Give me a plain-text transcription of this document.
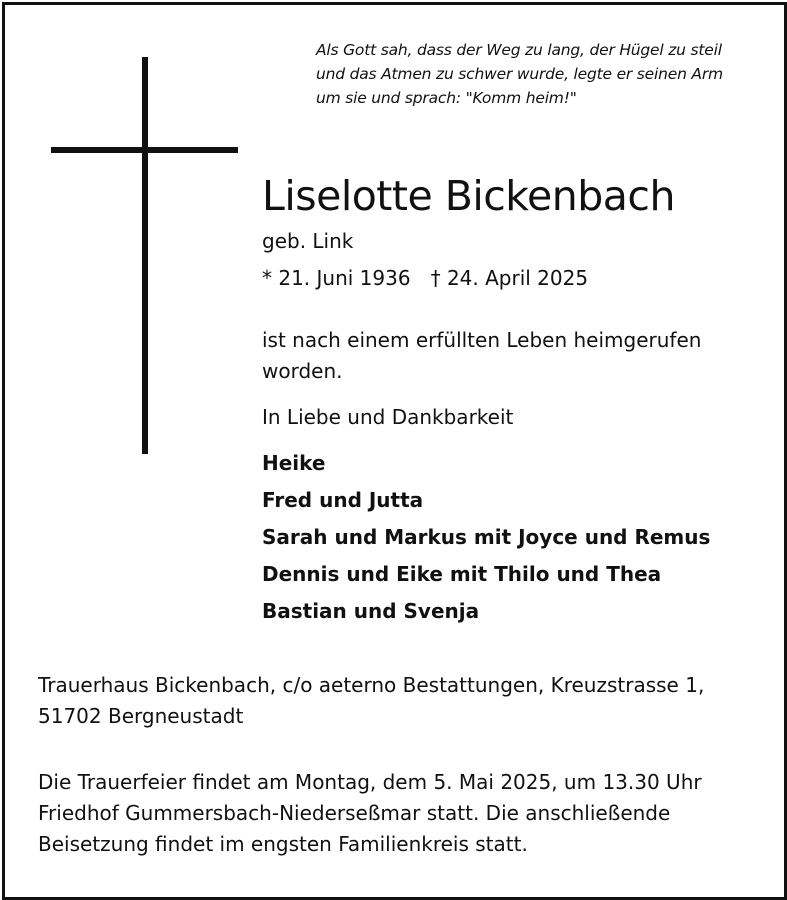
Als Gott sah, dass der Weg zu lang, der Hügel zu steil
und das Atmen zu schwer wurde, legte er seinen Arm
um sie und sprach: "Komm heim!"
Liselotte Bickenbach
geb. Link
* 21. Juni 1936 † 24. April 2025
ist nach einem erfüllten Leben heimgerufen
worden.
In Liebe und Dankbarkeit
Heike
Fred und Jutta
Sarah und Markus mit Joyce und Remus
Dennis und Eike mit Thilo und Thea
Bastian und Svenja
Trauerhaus Bickenbach, c/o aeterno Bestattungen, Kreuzstrasse 1,
51702 Bergneustadt
Die Trauerfeier findet am Montag, dem 5. Mai 2025, um 13.30 Uhr
Friedhof Gummersbach-Niederseßmar statt. Die anschließende
Beisetzung findet im engsten Familienkreis statt.
